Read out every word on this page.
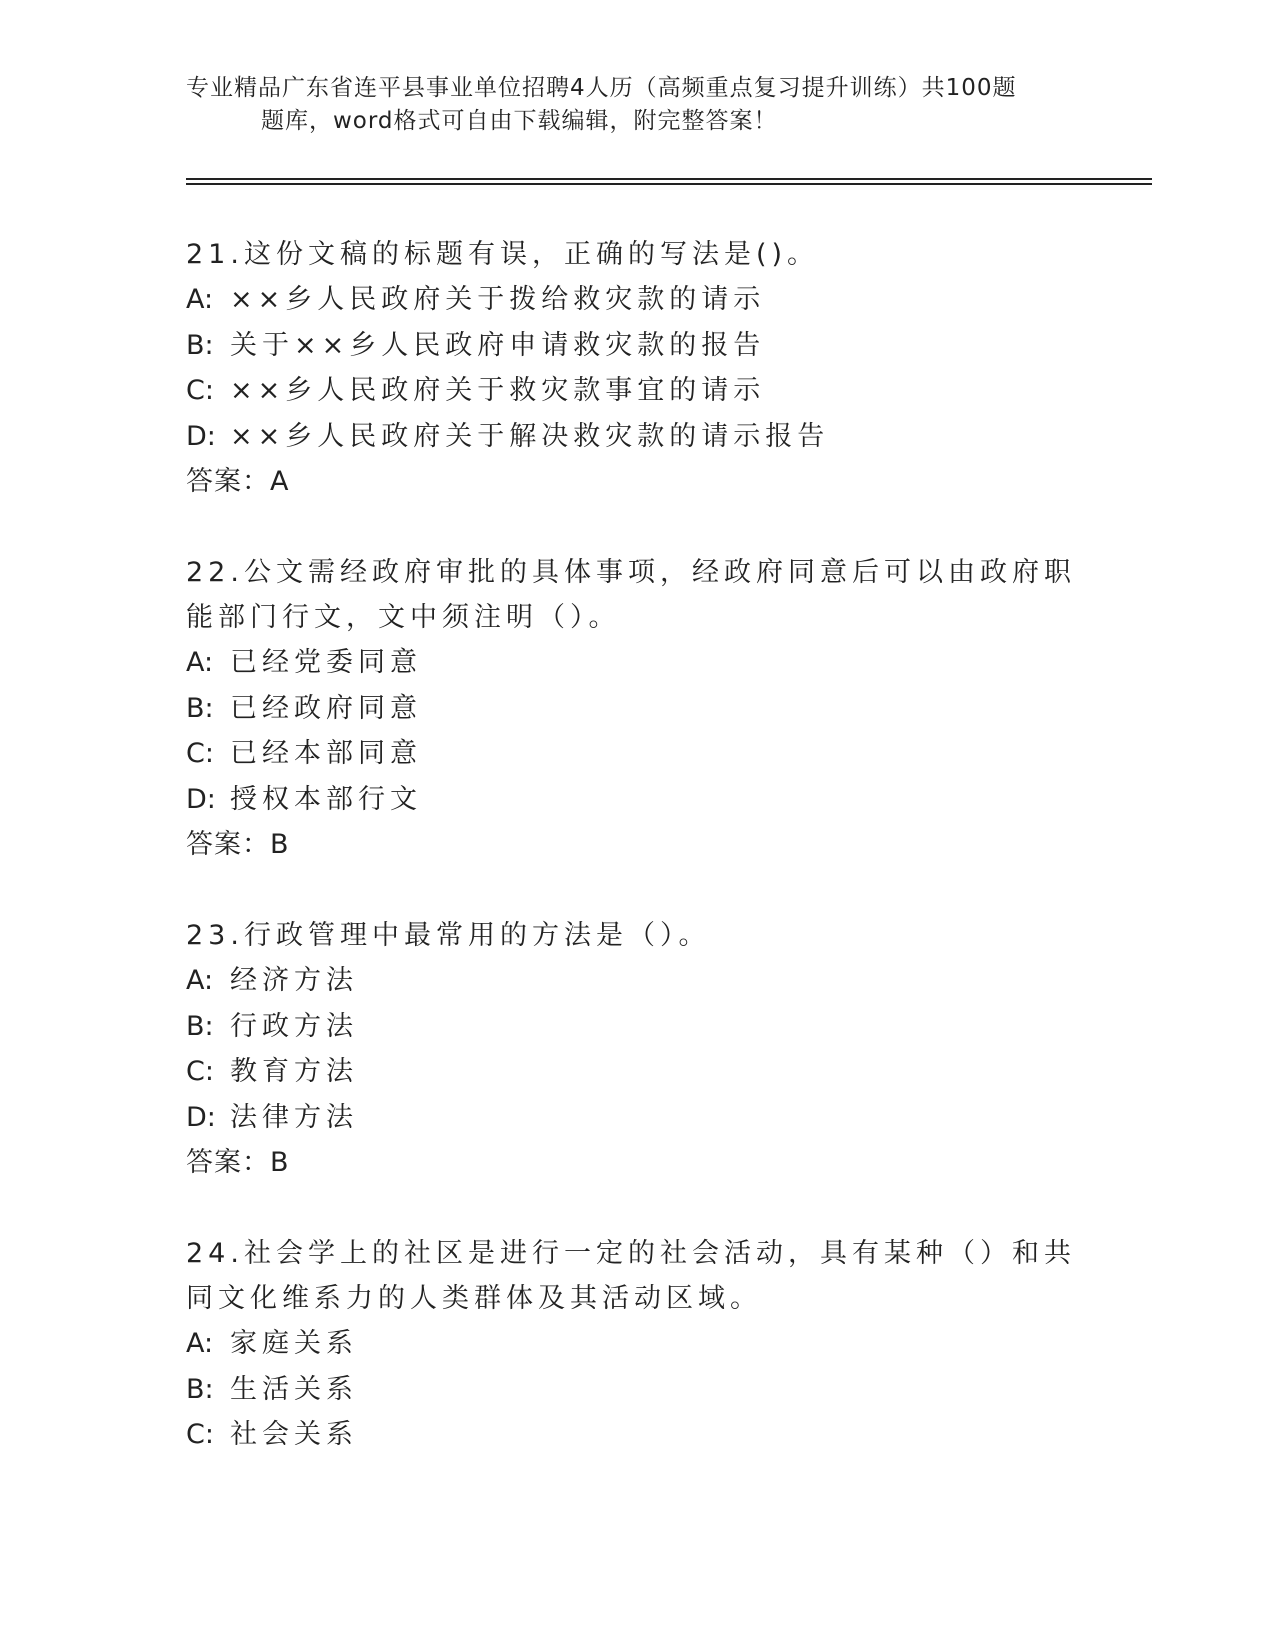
专业精品广东省连平县事业单位招聘4人历（高频重点复习提升训练）共100题
题库，word格式可自由下载编辑，附完整答案！

21.这份文稿的标题有误，正确的写法是()。

A: ××乡人民政府关于拨给救灾款的请示

B: 关于××乡人民政府申请救灾款的报告

C: ××乡人民政府关于救灾款事宜的请示

D: ××乡人民政府关于解决救灾款的请示报告

答案：A

22.公文需经政府审批的具体事项，经政府同意后可以由政府职能部门行文，文中须注明（）。

A: 已经党委同意

B: 已经政府同意

C: 已经本部同意

D: 授权本部行文

答案：B

23.行政管理中最常用的方法是（）。

A: 经济方法

B: 行政方法

C: 教育方法

D: 法律方法

答案：B

24.社会学上的社区是进行一定的社会活动，具有某种（）和共同文化维系力的人类群体及其活动区域。

A: 家庭关系

B: 生活关系

C: 社会关系
